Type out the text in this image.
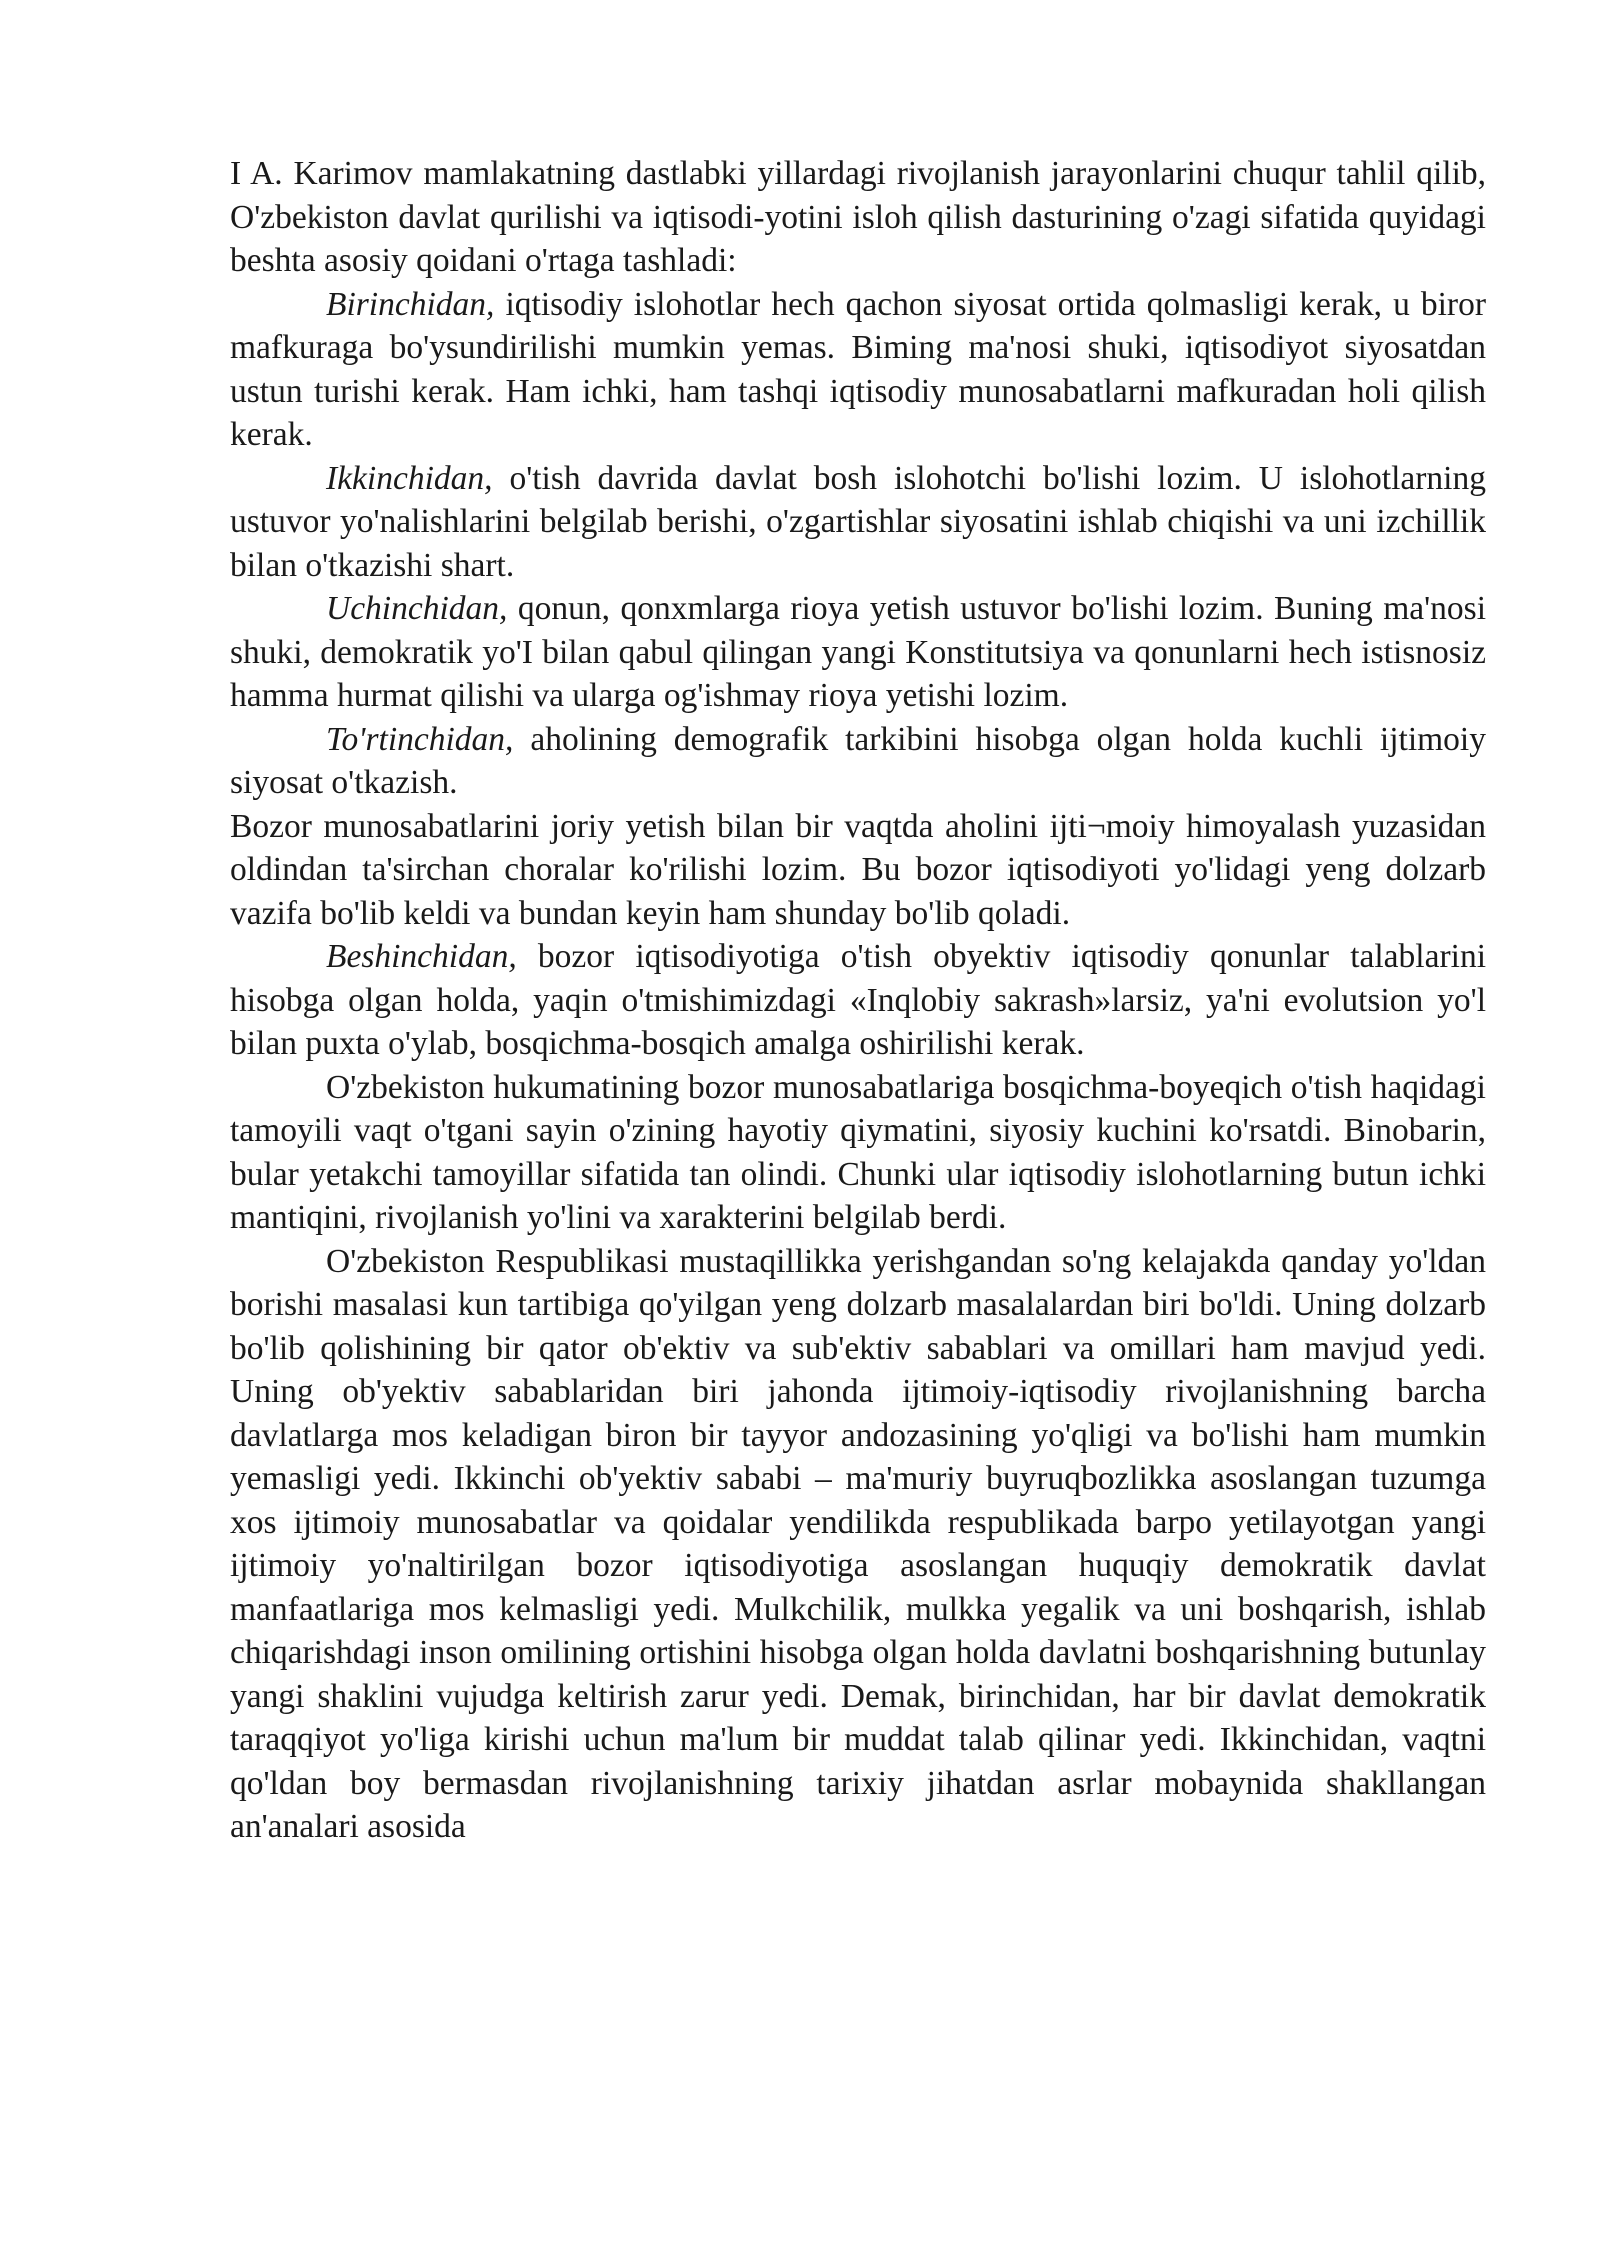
I A. Karimov mamlakatning dastlabki yillardagi rivojlanish jarayonlarini chuqur tahlil qilib, O'zbekiston davlat qurilishi va iqtisodi-yotini isloh qilish dasturining o'zagi sifatida quyidagi beshta asosiy qoidani o'rtaga tashladi:

Birinchidan, iqtisodiy islohotlar hech qachon siyosat ortida qolmasligi kerak, u biror mafkuraga bo'ysundirilishi mumkin yemas. Biming ma'nosi shuki, iqtisodiyot siyosatdan ustun turishi kerak. Ham ichki, ham tashqi iqtisodiy munosabatlarni mafkuradan holi qilish kerak.

Ikkinchidan, o'tish davrida davlat bosh islohotchi bo'lishi lozim. U islohotlarning ustuvor yo'nalishlarini belgilab berishi, o'zgartishlar siyosatini ishlab chiqishi va uni izchillik bilan o'tkazishi shart.

Uchinchidan, qonun, qonxmlarga rioya yetish ustuvor bo'lishi lozim. Buning ma'nosi shuki, demokratik yo'I bilan qabul qilingan yangi Konstitutsiya va qonunlarni hech istisnosiz hamma hurmat qilishi va ularga og'ishmay rioya yetishi lozim.

To'rtinchidan, aholining demografik tarkibini hisobga olgan holda kuchli ijtimoiy siyosat o'tkazish.

Bozor munosabatlarini joriy yetish bilan bir vaqtda aholini ijti¬moiy himoyalash yuzasidan oldindan ta'sirchan choralar ko'rilishi lozim. Bu bozor iqtisodiyoti yo'lidagi yeng dolzarb vazifa bo'lib keldi va bundan keyin ham shunday bo'lib qoladi.

Beshinchidan, bozor iqtisodiyotiga o'tish obyektiv iqtisodiy qonunlar talablarini hisobga olgan holda, yaqin o'tmishimizdagi «Inqlobiy sakrash»larsiz, ya'ni evolutsion yo'l bilan puxta o'ylab, bosqichma-bosqich amalga oshirilishi kerak.

O'zbekiston hukumatining bozor munosabatlariga bosqichma-boyeqich o'tish haqidagi tamoyili vaqt o'tgani sayin o'zining hayotiy qiymatini, siyosiy kuchini ko'rsatdi. Binobarin, bular yetakchi tamoyillar sifatida tan olindi. Chunki ular iqtisodiy islohotlarning butun ichki mantiqini, rivojlanish yo'lini va xarakterini belgilab berdi.

O'zbekiston Respublikasi mustaqillikka yerishgandan so'ng kelajakda qanday yo'ldan borishi masalasi kun tartibiga qo'yilgan yeng dolzarb masalalardan biri bo'ldi. Uning dolzarb bo'lib qolishining bir qator ob'ektiv va sub'ektiv sabablari va omillari ham mavjud yedi. Uning ob'yektiv sabablaridan biri jahonda ijtimoiy-iqtisodiy rivojlanishning barcha davlatlarga mos keladigan biron bir tayyor andozasining yo'qligi va bo'lishi ham mumkin yemasligi yedi. Ikkinchi ob'yektiv sababi – ma'muriy buyruqbozlikka asoslangan tuzumga xos ijtimoiy munosabatlar va qoidalar yendilikda respublikada barpo yetilayotgan yangi ijtimoiy yo'naltirilgan bozor iqtisodiyotiga asoslangan huquqiy demokratik davlat manfaatlariga mos kelmasligi yedi. Mulkchilik, mulkka yegalik va uni boshqarish, ishlab chiqarishdagi inson omilining ortishini hisobga olgan holda davlatni boshqarishning butunlay yangi shaklini vujudga keltirish zarur yedi. Demak, birinchidan, har bir davlat demokratik taraqqiyot yo'liga kirishi uchun ma'lum bir muddat talab qilinar yedi. Ikkinchidan, vaqtni qo'ldan boy bermasdan rivojlanishning tarixiy jihatdan asrlar mobaynida shakllangan an'analari asosida
